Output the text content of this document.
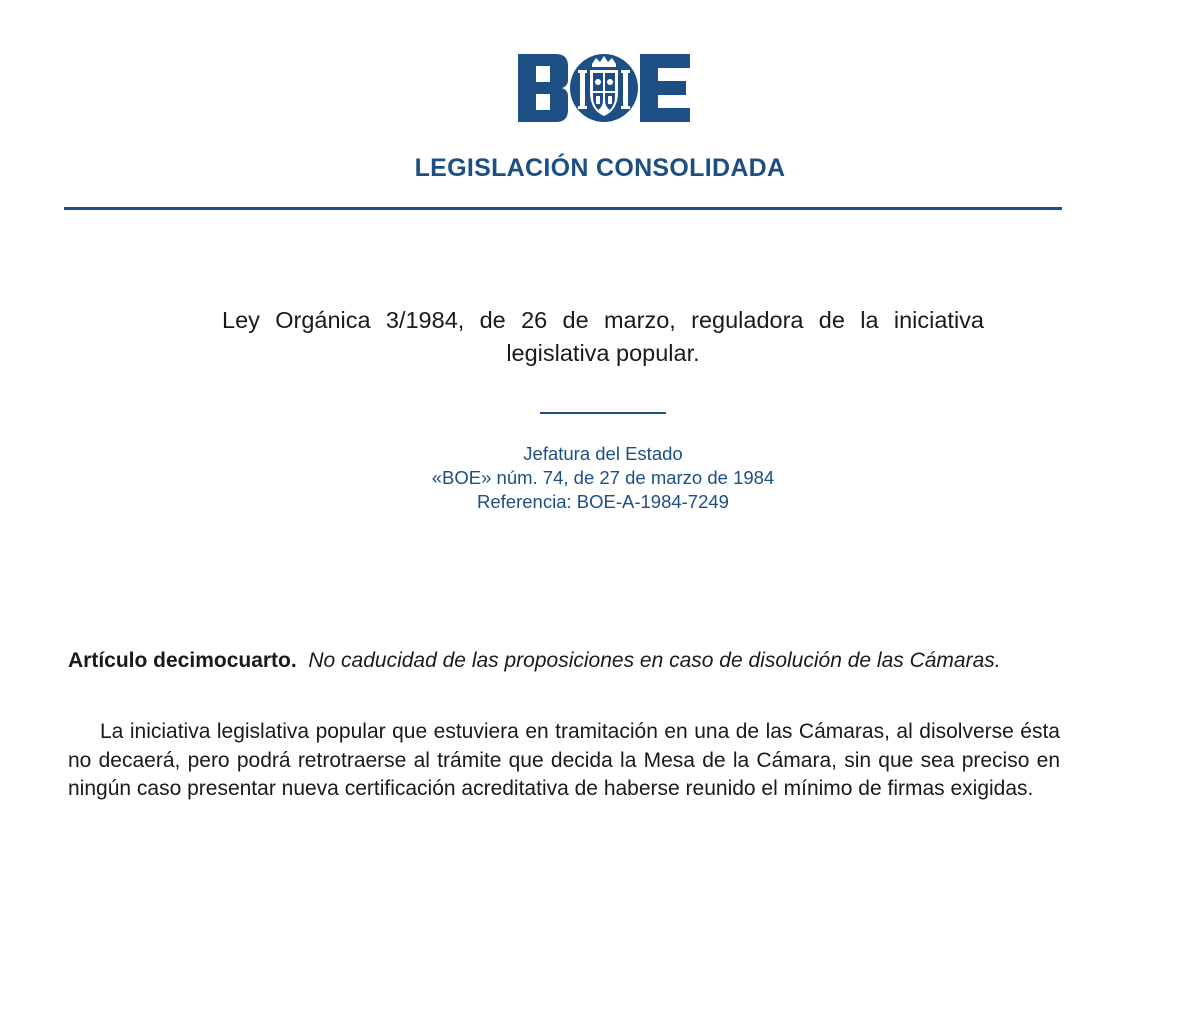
LEGISLACIÓN CONSOLIDADA
Ley Orgánica 3/1984, de 26 de marzo, reguladora de la iniciativa legislativa popular.
Jefatura del Estado
«BOE» núm. 74, de 27 de marzo de 1984
Referencia: BOE-A-1984-7249
Artículo decimocuarto. No caducidad de las proposiciones en caso de disolución de las Cámaras.

La iniciativa legislativa popular que estuviera en tramitación en una de las Cámaras, al disolverse ésta no decaerá, pero podrá retrotraerse al trámite que decida la Mesa de la Cámara, sin que sea preciso en ningún caso presentar nueva certificación acreditativa de haberse reunido el mínimo de firmas exigidas.
